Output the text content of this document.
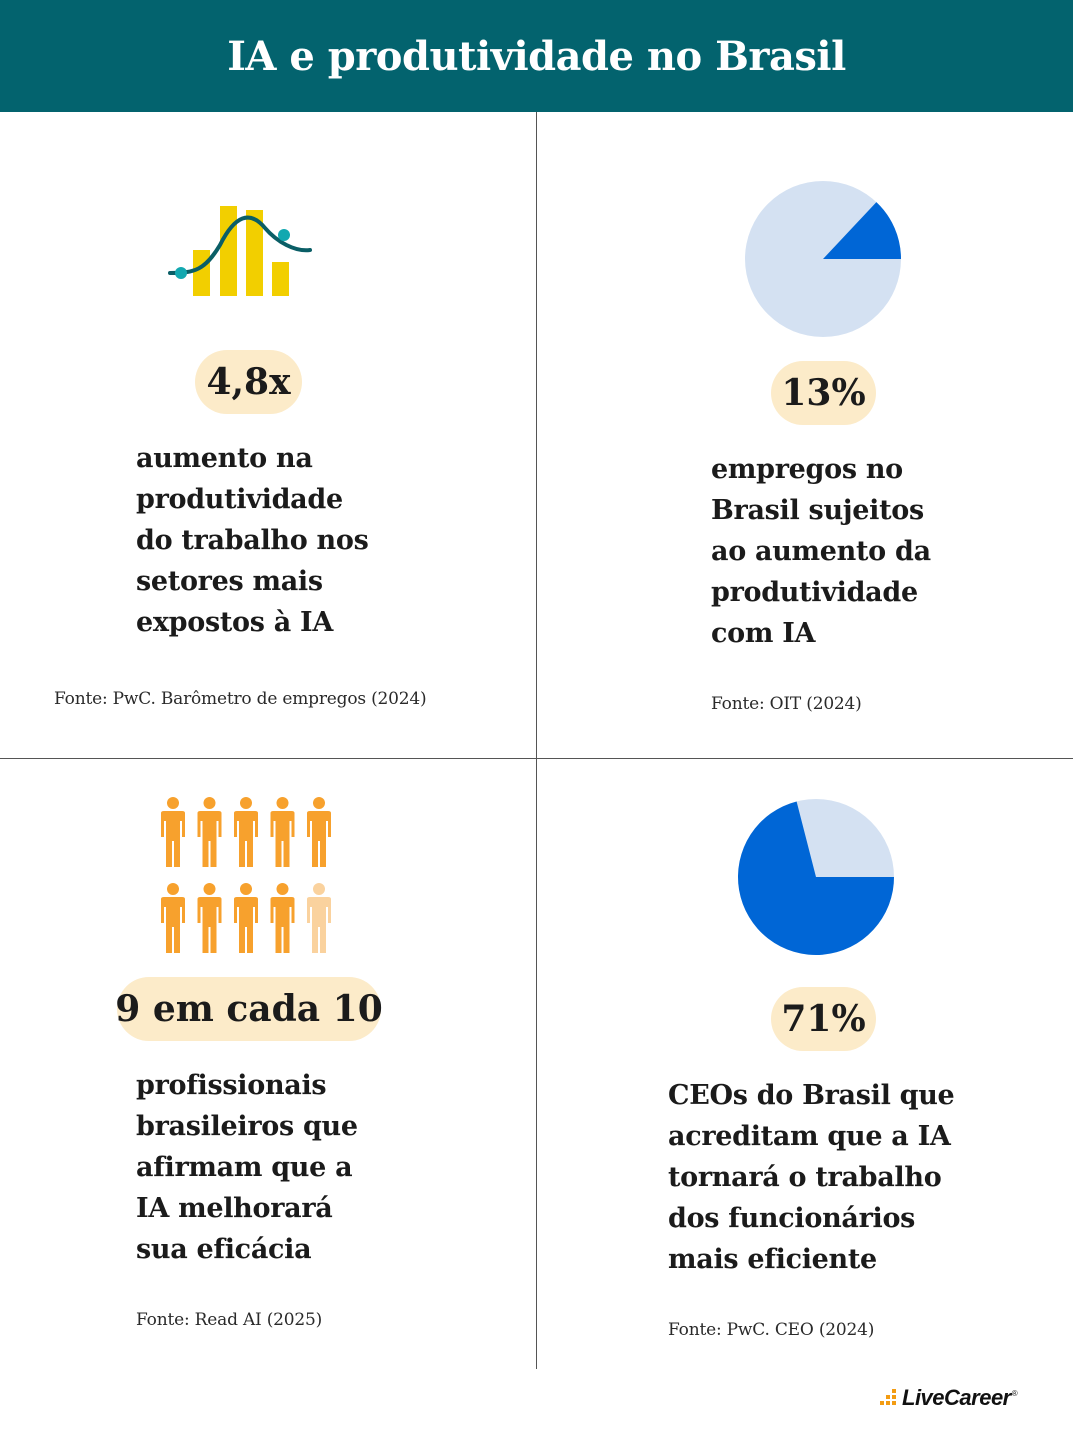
IA e produtividade no Brasil
4,8x
aumento na
produtividade
do trabalho nos
setores mais
expostos à IA
Fonte: PwC. Barômetro de empregos (2024)
13%
empregos no
Brasil sujeitos
ao aumento da
produtividade
com IA
Fonte: OIT (2024)
9 em cada 10
profissionais
brasileiros que
afirmam que a
IA melhorará
sua eficácia
Fonte: Read AI (2025)
71%
CEOs do Brasil que
acreditam que a IA
tornará o trabalho
dos funcionários
mais eficiente
Fonte: PwC. CEO (2024)
LiveCareer ®
